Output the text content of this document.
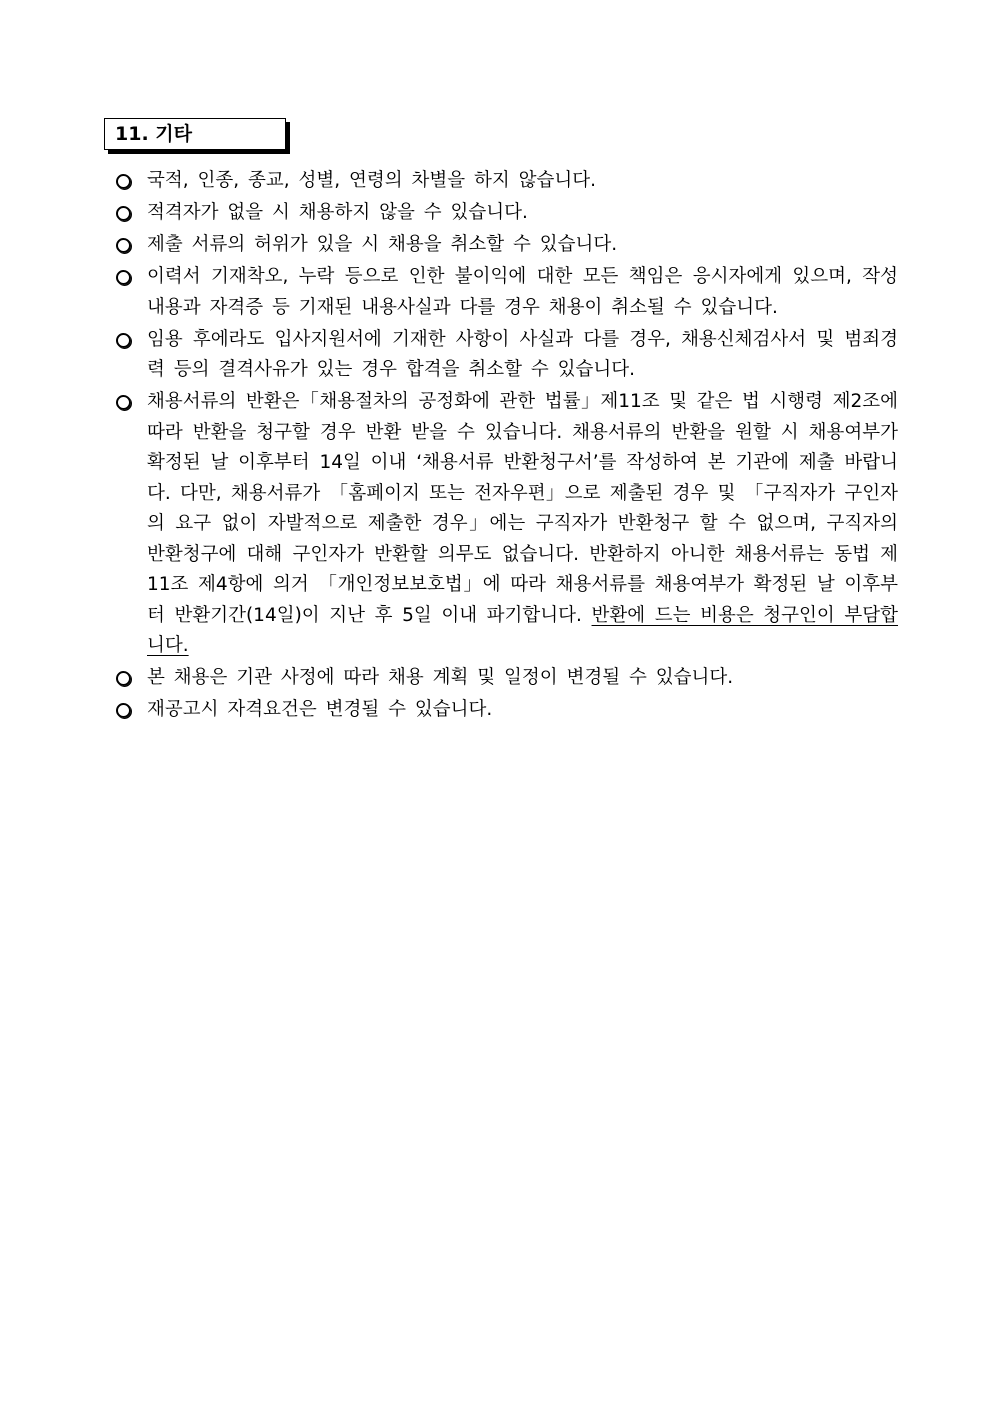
11. 기타
국적, 인종, 종교, 성별, 연령의 차별을 하지 않습니다.
적격자가 없을 시 채용하지 않을 수 있습니다.
제출 서류의 허위가 있을 시 채용을 취소할 수 있습니다.
이력서 기재착오, 누락 등으로 인한 불이익에 대한 모든 책임은 응시자에게 있으며, 작성내용과 자격증 등 기재된 내용사실과 다를 경우 채용이 취소될 수 있습니다.
임용 후에라도 입사지원서에 기재한 사항이 사실과 다를 경우, 채용신체검사서 및 범죄경력 등의 결격사유가 있는 경우 합격을 취소할 수 있습니다.
채용서류의 반환은「채용절차의 공정화에 관한 법률」제11조 및 같은 법 시행령 제2조에 따라 반환을 청구할 경우 반환 받을 수 있습니다. 채용서류의 반환을 원할 시 채용여부가 확정된 날 이후부터 14일 이내 ‘채용서류 반환청구서’를 작성하여 본 기관에 제출 바랍니다. 다만, 채용서류가 「홈페이지 또는 전자우편」으로 제출된 경우 및 「구직자가 구인자의 요구 없이 자발적으로 제출한 경우」에는 구직자가 반환청구 할 수 없으며, 구직자의 반환청구에 대해 구인자가 반환할 의무도 없습니다. 반환하지 아니한 채용서류는 동법 제11조 제4항에 의거 「개인정보보호법」에 따라 채용서류를 채용여부가 확정된 날 이후부터 반환기간(14일)이 지난 후 5일 이내 파기합니다. 반환에 드는 비용은 청구인이 부담합니다.
본 채용은 기관 사정에 따라 채용 계획 및 일정이 변경될 수 있습니다.
재공고시 자격요건은 변경될 수 있습니다.
